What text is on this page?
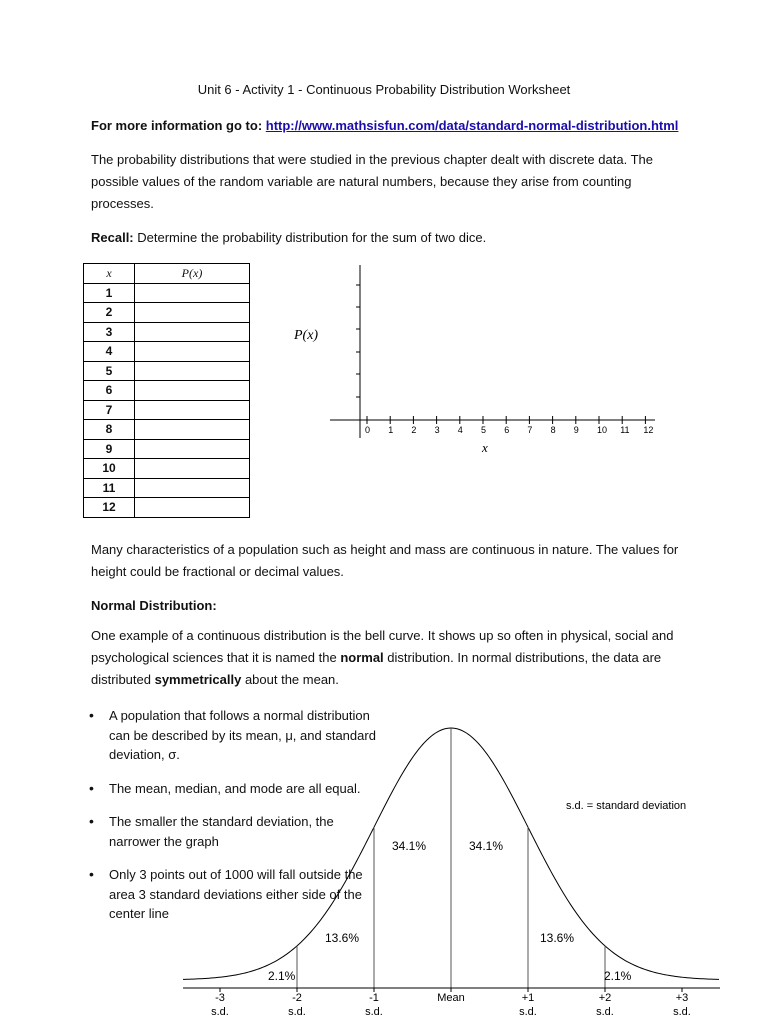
Unit 6 - Activity 1 - Continuous Probability Distribution Worksheet
For more information go to: http://www.mathsisfun.com/data/standard-normal-distribution.html
The probability distributions that were studied in the previous chapter dealt with discrete data. The possible values of the random variable are natural numbers, because they arise from counting processes.
Recall: Determine the probability distribution for the sum of two dice.
x	P(x)
1	
2	
3	
4	
5	
6	
7	
8	
9	
10	
11	
12	
0 1 2 3 4 5 6 7 8 9 10 11 12
P(x)
x
Many characteristics of a population such as height and mass are continuous in nature. The values for height could be fractional or decimal values.
Normal Distribution:
One example of a continuous distribution is the bell curve. It shows up so often in physical, social and psychological sciences that it is named the normal distribution. In normal distributions, the data are distributed symmetrically about the mean.
• A population that follows a normal distribution can be described by its mean, μ, and standard deviation, σ.
• The mean, median, and mode are all equal.
• The smaller the standard deviation, the narrower the graph
• Only 3 points out of 1000 will fall outside the area 3 standard deviations either side of the center line
s.d. = standard deviation
34.1%	34.1%
13.6%	13.6%
2.1%	2.1%
-3
s.d.
-2
s.d.
-1
s.d.
Mean	+1
s.d.
+2
s.d.
+3
s.d.
